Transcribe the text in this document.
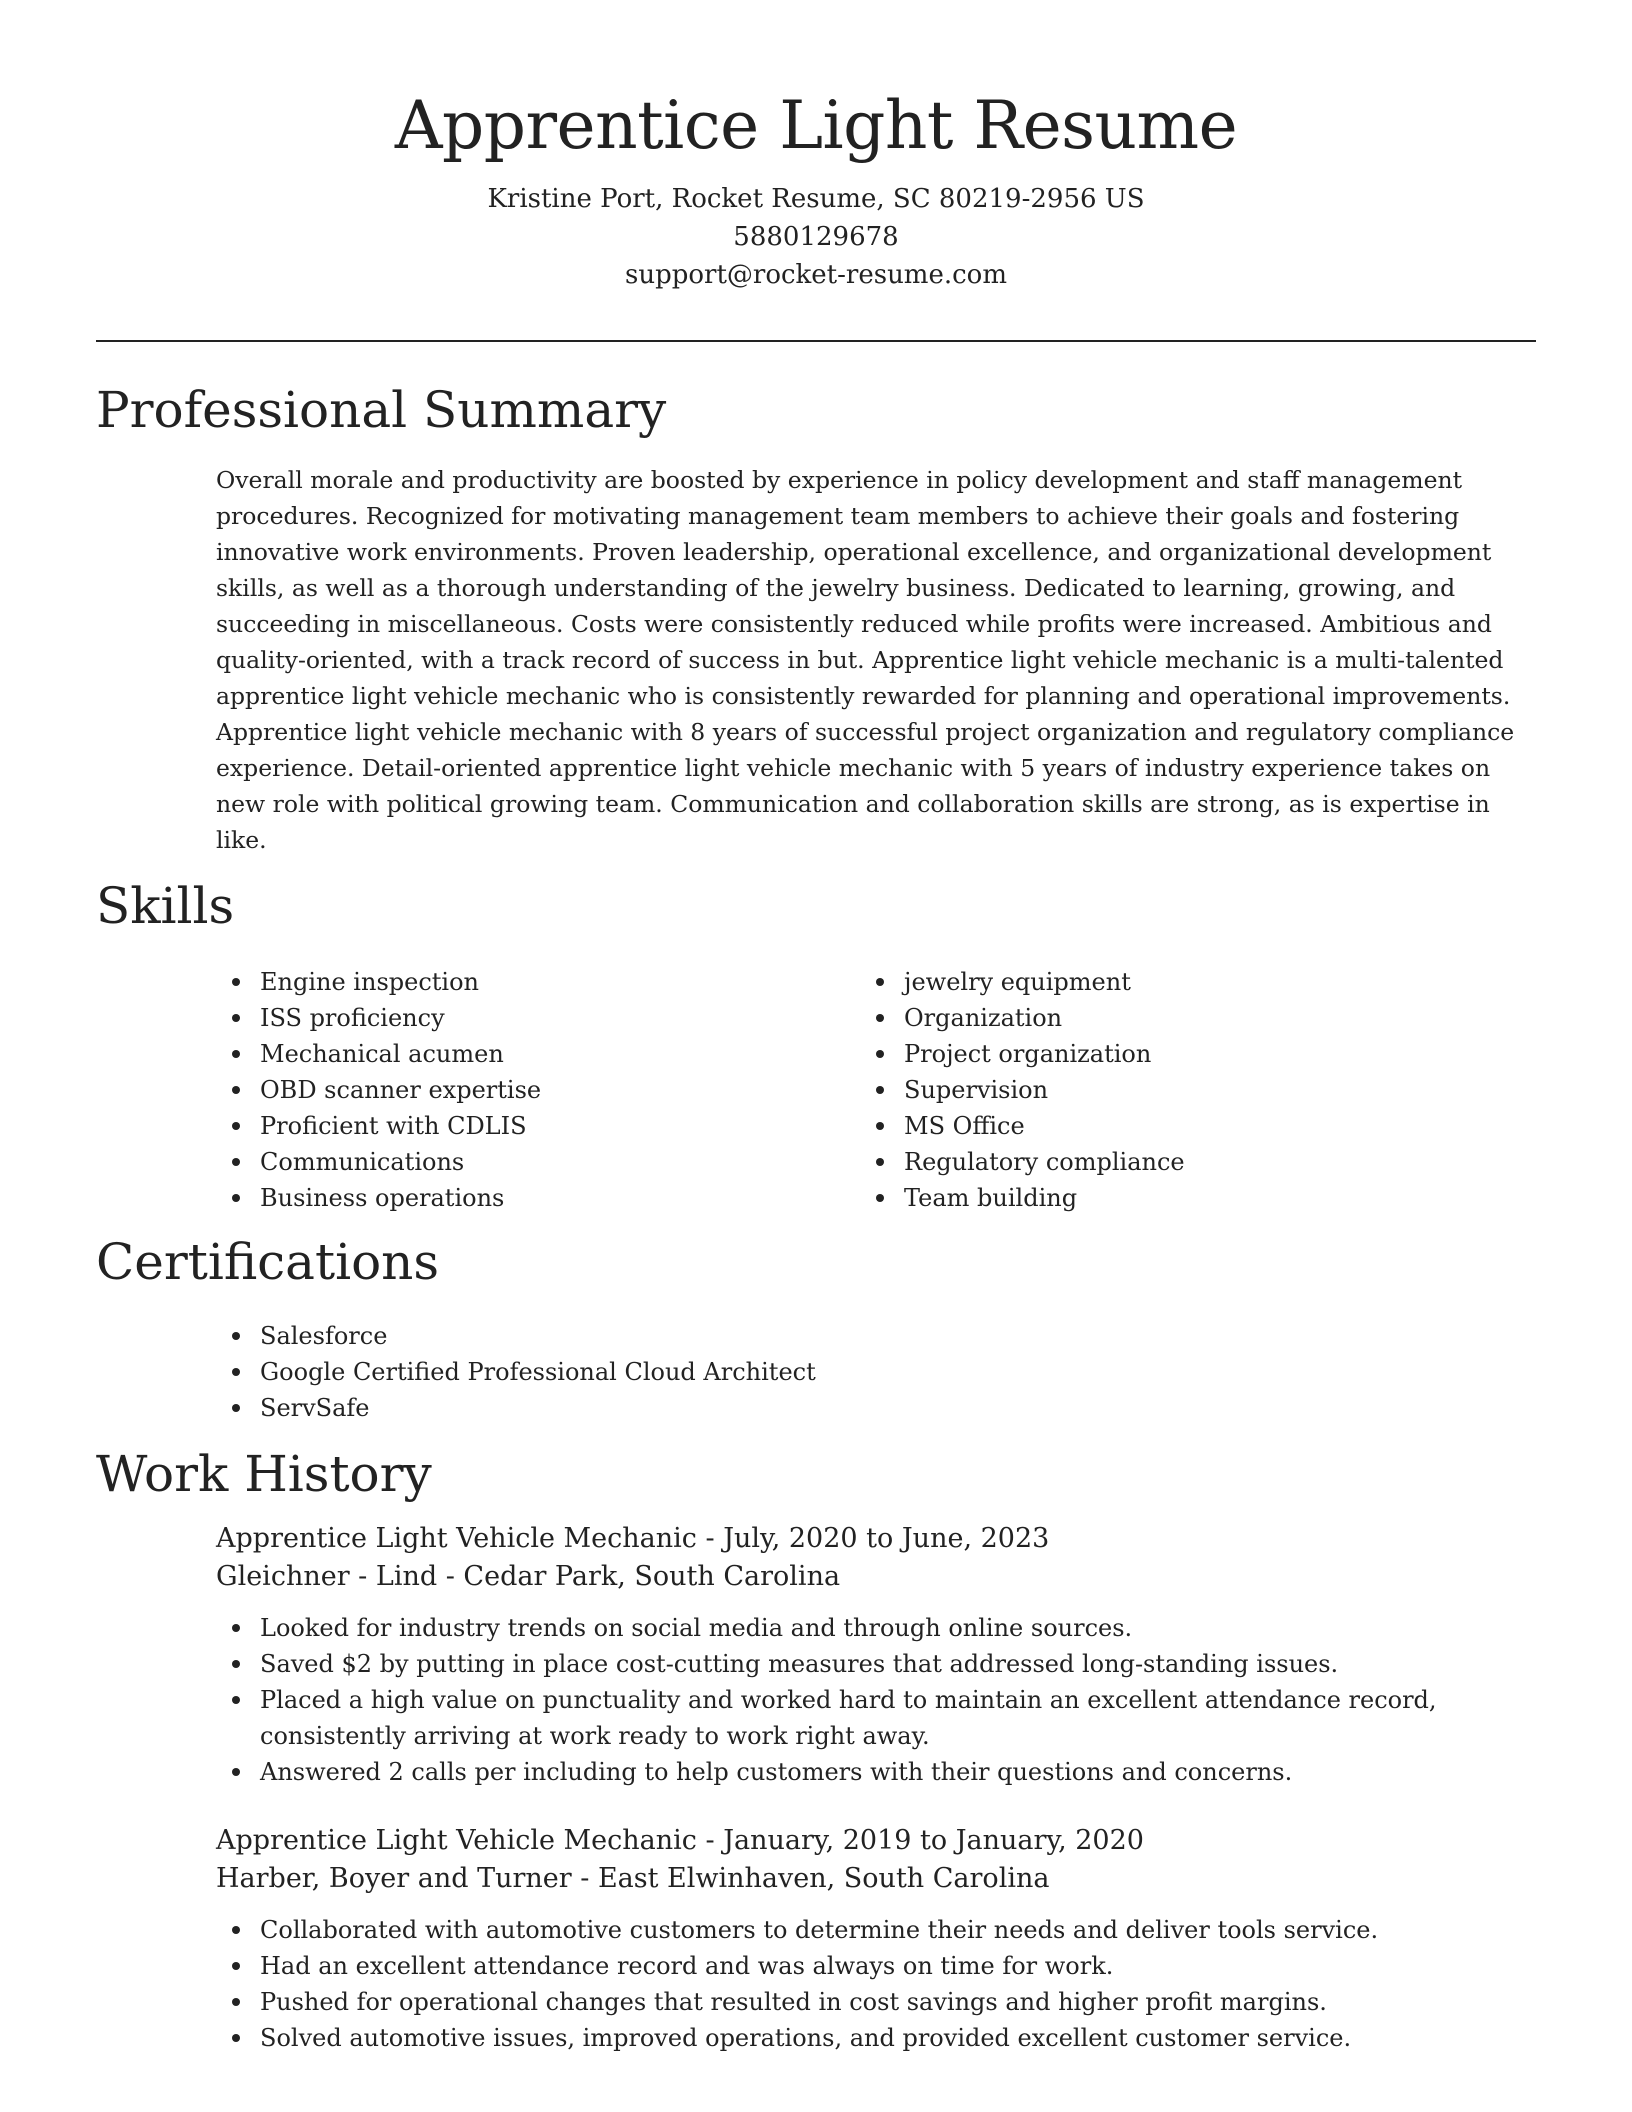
Apprentice Light Resume

Kristine Port, Rocket Resume, SC 80219-2956 US

5880129678

support@rocket-resume.com

Professional Summary

Overall morale and productivity are boosted by experience in policy development and staff management procedures. Recognized for motivating management team members to achieve their goals and fostering innovative work environments. Proven leadership, operational excellence, and organizational development skills, as well as a thorough understanding of the jewelry business. Dedicated to learning, growing, and succeeding in miscellaneous. Costs were consistently reduced while profits were increased. Ambitious and quality-oriented, with a track record of success in but. Apprentice light vehicle mechanic is a multi-talented apprentice light vehicle mechanic who is consistently rewarded for planning and operational improvements. Apprentice light vehicle mechanic with 8 years of successful project organization and regulatory compliance experience. Detail-oriented apprentice light vehicle mechanic with 5 years of industry experience takes on new role with political growing team. Communication and collaboration skills are strong, as is expertise in like.

Skills
Engine inspection
ISS proficiency
Mechanical acumen
OBD scanner expertise
Proficient with CDLIS
Communications
Business operations
jewelry equipment
Organization
Project organization
Supervision
MS Office
Regulatory compliance
Team building
Certifications
Salesforce
Google Certified Professional Cloud Architect
ServSafe
Work History

Apprentice Light Vehicle Mechanic - July, 2020 to June, 2023

Gleichner - Lind - Cedar Park, South Carolina

Looked for industry trends on social media and through online sources.
Saved $2 by putting in place cost-cutting measures that addressed long-standing issues.
Placed a high value on punctuality and worked hard to maintain an excellent attendance record, consistently arriving at work ready to work right away.
Answered 2 calls per including to help customers with their questions and concerns.

Apprentice Light Vehicle Mechanic - January, 2019 to January, 2020

Harber, Boyer and Turner - East Elwinhaven, South Carolina

Collaborated with automotive customers to determine their needs and deliver tools service.
Had an excellent attendance record and was always on time for work.
Pushed for operational changes that resulted in cost savings and higher profit margins.
Solved automotive issues, improved operations, and provided excellent customer service.
